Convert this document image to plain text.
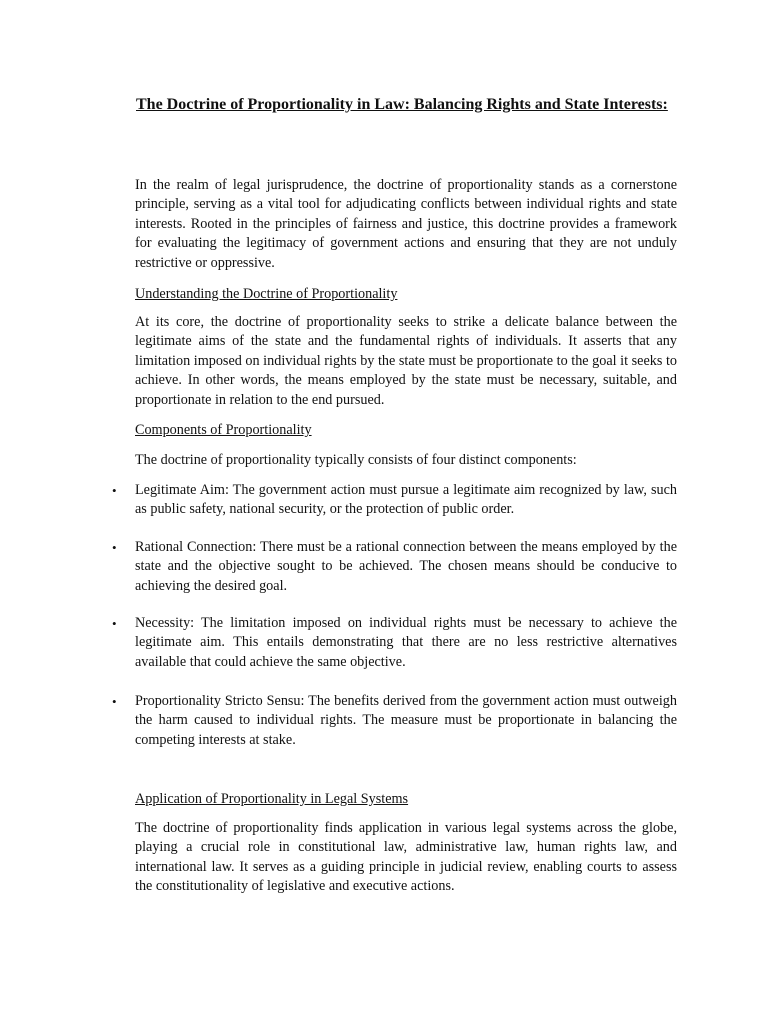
The Doctrine of Proportionality in Law: Balancing Rights and State Interests:

In the realm of legal jurisprudence, the doctrine of proportionality stands as a cornerstone principle, serving as a vital tool for adjudicating conflicts between individual rights and state interests. Rooted in the principles of fairness and justice, this doctrine provides a framework for evaluating the legitimacy of government actions and ensuring that they are not unduly restrictive or oppressive.

Understanding the Doctrine of Proportionality

At its core, the doctrine of proportionality seeks to strike a delicate balance between the legitimate aims of the state and the fundamental rights of individuals. It asserts that any limitation imposed on individual rights by the state must be proportionate to the goal it seeks to achieve. In other words, the means employed by the state must be necessary, suitable, and proportionate in relation to the end pursued.

Components of Proportionality

The doctrine of proportionality typically consists of four distinct components:

• Legitimate Aim: The government action must pursue a legitimate aim recognized by law, such as public safety, national security, or the protection of public order.
• Rational Connection: There must be a rational connection between the means employed by the state and the objective sought to be achieved. The chosen means should be conducive to achieving the desired goal.
• Necessity: The limitation imposed on individual rights must be necessary to achieve the legitimate aim. This entails demonstrating that there are no less restrictive alternatives available that could achieve the same objective.
• Proportionality Stricto Sensu: The benefits derived from the government action must outweigh the harm caused to individual rights. The measure must be proportionate in balancing the competing interests at stake.

Application of Proportionality in Legal Systems

The doctrine of proportionality finds application in various legal systems across the globe, playing a crucial role in constitutional law, administrative law, human rights law, and international law. It serves as a guiding principle in judicial review, enabling courts to assess the constitutionality of legislative and executive actions.
